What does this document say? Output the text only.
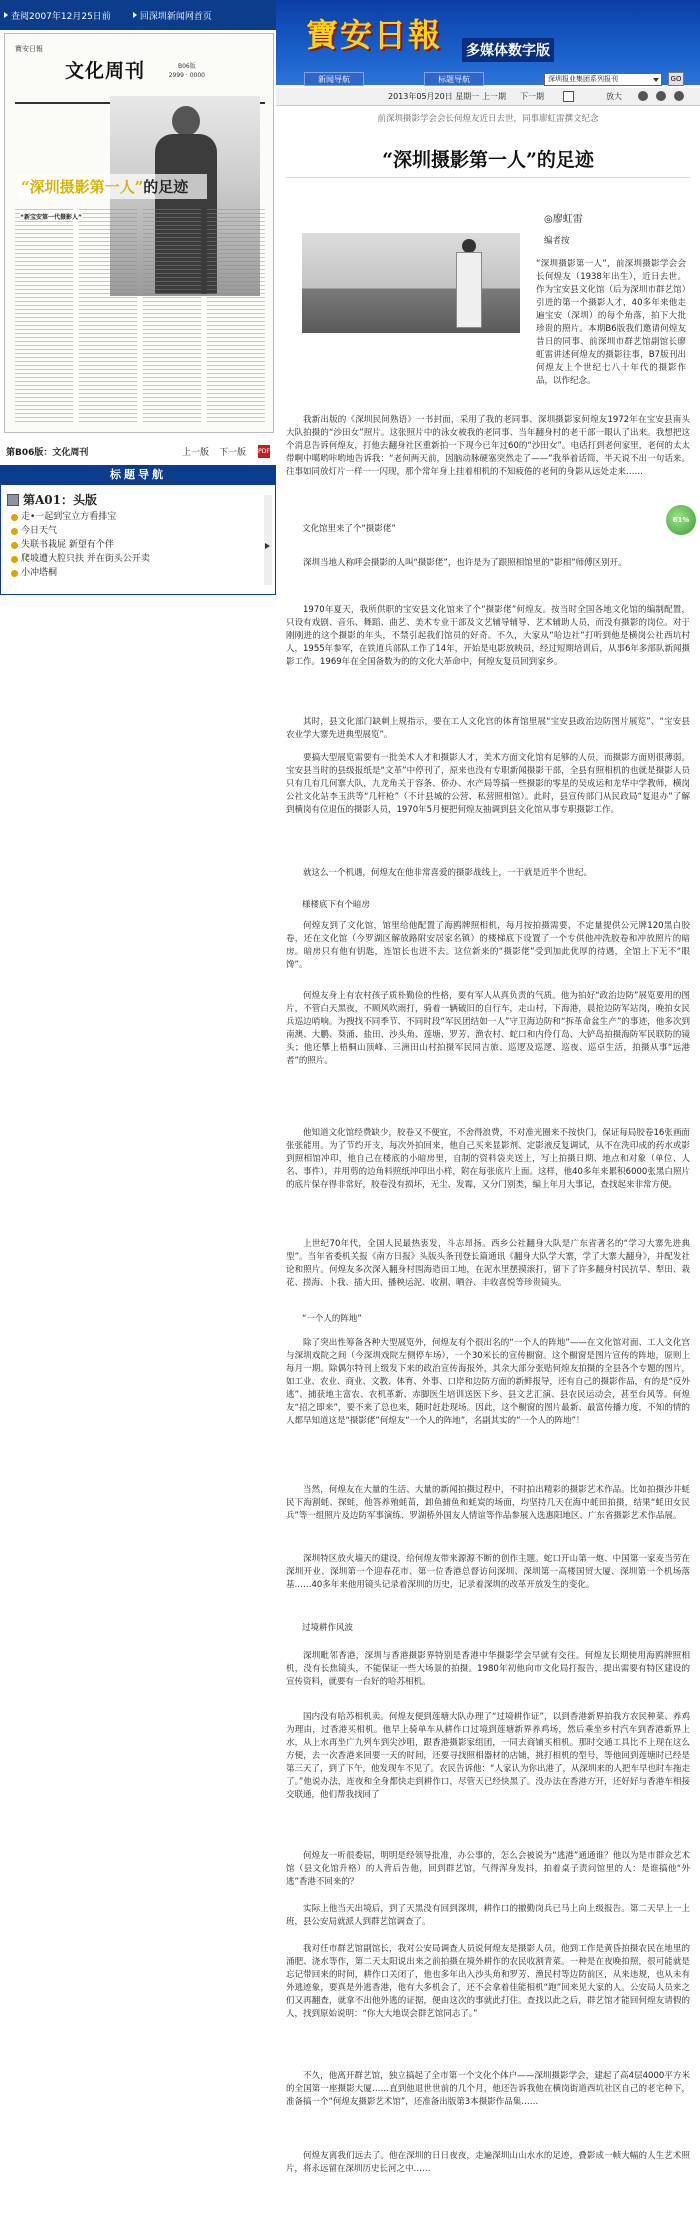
查阅2007年12月25日前	回深圳新闻网首页
寶安日報
文化周刊	B06版
2999 · 0000
“深圳摄影第一人”的足迹
“新宝安第一代摄影人”
第B06版：文化周刊	上一版 下一版 PDF
标题导航
第A01：头版
走•一起到宝立方看排宝
今日天气
失联书栽屁 新望有个伴
爬坡遭大腔只扶 并在街头公开卖
小冲塔桐
寶安日報 多媒体数字版
新闻导航	标题导航	深圳报业集团系列报刊	GO
2013年05月20日 星期一 上一期 下一期	放大
前深圳摄影学会会长何煌友近日去世，同事廖虹雷撰文纪念
“深圳摄影第一人”的足迹
◎廖虹雷
编者按
“深圳摄影第一人”，前深圳摄影学会会长何煌友（1938年出生），近日去世。作为宝安县文化馆（后为深圳市群艺馆）引进的第一个摄影人才，40多年来他走遍宝安（深圳）的每个角落，拍下大批珍贵的照片。本期B6版我们邀请何煌友昔日的同事、前深圳市群艺馆副馆长廖虹雷讲述何煌友的摄影往事，B7版刊出何煌友上个世纪七八十年代的摄影作品，以作纪念。
我新出版的《深圳民间熟语》一书封面，采用了我的老同事、深圳摄影家何煌友1972年在宝安县南头大队拍摄的“沙田女”照片。这张照片中的泳女被我的老同事、当年翻身村的老干部一眼认了出来。我想把这个消息告诉何煌友，打他去翻身社区重新拍一下现今已年过60的“沙田女”。电话打到老何家里，老何的太太带啊中噶哟咔哟地告诉我：“老何两天前，因脑动脉硬塞突然走了——”我举着话筒，半天说不出一句话来。往事如同放灯片一样一一闪现，那个常年身上挂着相机的不知疲倦的老何的身影从远处走来……
文化馆里来了个“摄影佬”
深圳当地人称呼会摄影的人叫“摄影佬”，也许是为了跟照相馆里的“影相”师傅区别开。
1970年夏天，我所供职的宝安县文化馆来了个“摄影佬”何煌友。按当时全国各地文化馆的编制配置，只设有戏剧、音乐、舞蹈、曲艺、美术专业干部及文艺辅导辅导、艺术辅助人员，而没有摄影的岗位。对于刚刚进的这个摄影的年头，不禁引起我们馆员的好奇。不久，大家从“哈边社”打听到他是横岗公社西坑村人，1955年参军，在铁道兵部队工作了14年，开始是电影放映员，经过短期培训后，从事6年多部队新闻摄影工作。1969年在全国备数为的的文化大革命中，何煌友复员回到家乡。
其时，县文化部门缺刺上规指示，要在工人文化宫的体育馆里展“宝安县政治边防图片展览”、“宝安县农业学大寨先进典型展览”。
要搞大型展览需要有一批美术人才和摄影人才，美术方面文化馆有足够的人员，而摄影方面则很薄弱。宝安县当时的县级报纸是“文革”中停刊了，原来也没有专职新闻摄影干部，全县有照相机的也就是摄影人员只有几有几何寨大队，九龙角关于容条、侨办、水产局等搞一些摄影的零星的吴成运和龙华中学教师，横岗公社文化站李玉洪等“几杆枪”（不计县城的公营、私营照相馆）。此时，县宣传部门从民政局“复退办”了解到横岗有位退伍的摄影人员，1970年5月便把何煌友抽调到县文化馆从事专职摄影工作。
就这么一个机遇，何煌友在他非常喜爱的摄影战线上，一干就是近半个世纪。
様楼底下有个暗房
何煌友到了文化馆，馆里给他配置了海鸥牌照相机，每月按拍摄需要，不定量提供公元牌120黑白胶卷，还在文化馆（今罗湖区解放路附安居家名镇）的楼梯底下设置了一个专供他冲洗胶卷和冲放照片的暗房。暗房只有他有钥匙，连馆长也进不去。这位新来的“摄影佬”受到加此优厚的待遇，全馆上下无不“眼馋”。
何煌友身上有农村孩子质朴勤俭的性格，要有军人从真负责的气质。他为拍好“政治边防”展览要用的图片，不管白天黑夜，不顾风吹雨打，骑着一辆破旧的自行车，走山村，下海港，晨抢边防军站岗，晚拍女民兵巡边哨响。为搜找不同季节、不同时段“军民团结如一人”守卫海边防和“拆革命盆生产”的事迹，他多次到南澳、大鹏、葵涌、盐田、沙头角、莲塘、罗芳、渔农村、蛇口和内伶仃岛、大铲岛拍摄海防军民联防的镜头；他还攀上梧桐山顶峰、三洲田山村拍摄军民同吉旅、巡逻及巡逻、巡夜、巡卓生活，拍摄从事“远港者”的照片。
他知道文化馆经费缺少，胶卷又不便宜，不舍得浪费，不对准光圈来不按快门，保证每局胶卷16张画面张张能用。为了节约开支，每次外拍回来，他自己买来显影剂、定影液反复调试，从不在洗印成的药水或影到照相馆冲印，他自己在楼底的小暗房里，自制的资料袋夹送上，写上拍摄日期、地点和对象（单位、人名、事件），并用剪的边角料照纸冲印出小样，附在每张底片上面。这样，他40多年来累积6000张黑白照片的底片保存得非常好，胶卷没有损坏，无尘、发霉，又分门别类，编上年月大事记，查找起来非常方便。
上世纪70年代，全国人民最热衷发，斗志昂扬。西乡公社翻身大队是广东省著名的“学习大寨先进典型”。当年省委机关报《南方日报》头版头条刊登长篇通讯《翻身大队学大寨，学了大寨大翻身》，并配发社论和照片。何煌友多次深入翻身村围海造田工地，在泥水里摆摸滚打，留下了许多翻身村民抗旱、犁田、栽花、捞海、卜我、插大田、播秧运泥、收割、晒谷、丰收喜悦等珍贵镜头。
“一个人的阵地”
除了突出性筹备各种大型展览外，何煌友有个很出名的“一个人的阵地”——在文化馆对面、工人文化宫与深圳戏院之间（今深圳戏院左侧停车场），一个30米长的宣传橱窗。这个橱窗是图片宣传的阵地，原则上每月一期。除偶尔特刊上级发下来的政治宣传海报外，其余大部分张贴何煌友拍摄的全县各个专题的图片，如工业、农业、商业、文教、体育、外事、口岸和边防方面的新鲜报导，还有自己的摄影作品，有的是“反外逃”、捕获地主富农、农机革新、赤脚医生培训送医下乡、县文艺汇演、县农民运动会，甚至台风等。何煌友“招之即来”，要不来了总也来，随时赶赴现场。因此，这个橱窗的图片最新、最富传播力度，不知的情的人都早知道这是“摄影佬”何煌友“一个人的阵地”，名副其实的“一个人的阵地”！
当然，何煌友在大量的生活、大量的新闻拍摄过程中，不时拍出精彩的摄影艺术作品。比如拍摄沙井蚝民下海割蚝、探蚝，他答养殖蚝苗，卸鱼捕鱼和蚝炭的场面，均坚持几天在海中蚝田拍摄，结果“蚝田女民兵”等一组照片及边防军事演练、罗湖桥外国友人情谊等作品参展入选惠阳地区、广东省摄影艺术作品展。
深圳特区放火墙天的建设，给何煌友带来源源不断的创作主题。蛇口开山第一炮、中国第一家麦当劳在深圳开业、深圳第一个迎春花市、第一位香港总督访问深圳、深圳第一高楼国贸大厦、深圳第一个机场落基……40多年来他用镜头记录着深圳的历史，记录着深圳的改革开放发生的变化。
过境耕作风波
深圳毗邻香港，深圳与香港摄影界特别是香港中华摄影学会早就有交往。何煌友长期使用海鸥牌照相机，没有长焦镜头，不能保证一些大场景的拍摄。1980年初他向市文化局打报告，提出需要有特区建设的宣传资料，就要有一台好的哈苏相机。
国内没有哈苏相机卖。何煌友便到莲塘大队办理了“过境耕作证”，以到香港新界拍我方农民种菜、养鸡为理由，过香港买相机。他早上骑单车从耕作口过境到莲塘新界养鸡场，然后乘坐乡村汽车到香港新界上水，从上水再坐广九列车到尖沙咀，跟香港摄影家组团，一同去商铺买相机。那时交通工具比不上现在这么方便，去一次香港来回要一天的时间，还要寻找照相器材的店铺，挑打相机的型号，等他回到莲塘时已经是第三天了，到了下午，他发现车不见了。农民告诉他：“人家认为你出港了，从深圳来的人把车早也时车拖走了。”他说办法，连夜和全身都快走到耕作口，尽管天已经快黑了。没办法在香港方开，还好好与香港车相接交联通，他们帮我找回了
何煌友一听很委屈，明明是经领导批准，办公事的，怎么会被说为“逃港”通通谁？他以为是市群众艺术馆（县文化馆升格）的人背后告他，回到群艺馆，气得浑身发抖，拍着桌子责问馆里的人：是谁搞他“外逃”香港不回来的？
实际上他当天出境后，到了天黑没有回到深圳，耕作口的撤勤岗兵已马上向上级报告。第二天早上一上班，县公安局就派人到群艺馆调查了。
我对任市群艺馆副馆长，我对公安局调查人员说何煌友是摄影人员，他到工作是黄昏拍摄农民在地里的涌肥、浇水等作，第二天太阳说出来之前拍摄在境外耕作的农民收割青菜。一种是在夜晚拍照，很可能就是忘记带回来的时间，耕作口关闭了，他也多年出入沙头角和罗芳、渔民村等边防前区，从来违规，也从未有外逃迹象，要真是外逃香港，他有大多机会了，还不会拿着佳能相机“跑”回来见大家的人。公安局人员来之们又再翻查，就拿不出他外逃的证据，便由这次的事就此打住。查找以此之后，群艺馆才能回何煌友请假的人，找到原始说明：“你大大地误会群艺馆同志了。”
不久，他离开群艺馆，独立搞起了全市第一个文化个体户——深圳摄影学会，建起了高4层4000平方米的全国第一座摄影大厦……直到他退世世前的几个月，他还告诉我他在横岗街道西坑社区自己的老宅种下，准备搞一个“何煌友摄影艺术馆”，还准备出版第3本摄影作品集……
何煌友离我们远去了。他在深圳的日日夜夜，走遍深圳山山水水的足迹，叠影成一帧大幅的人生艺术照片，将永远留在深圳历史长河之中……
61%
